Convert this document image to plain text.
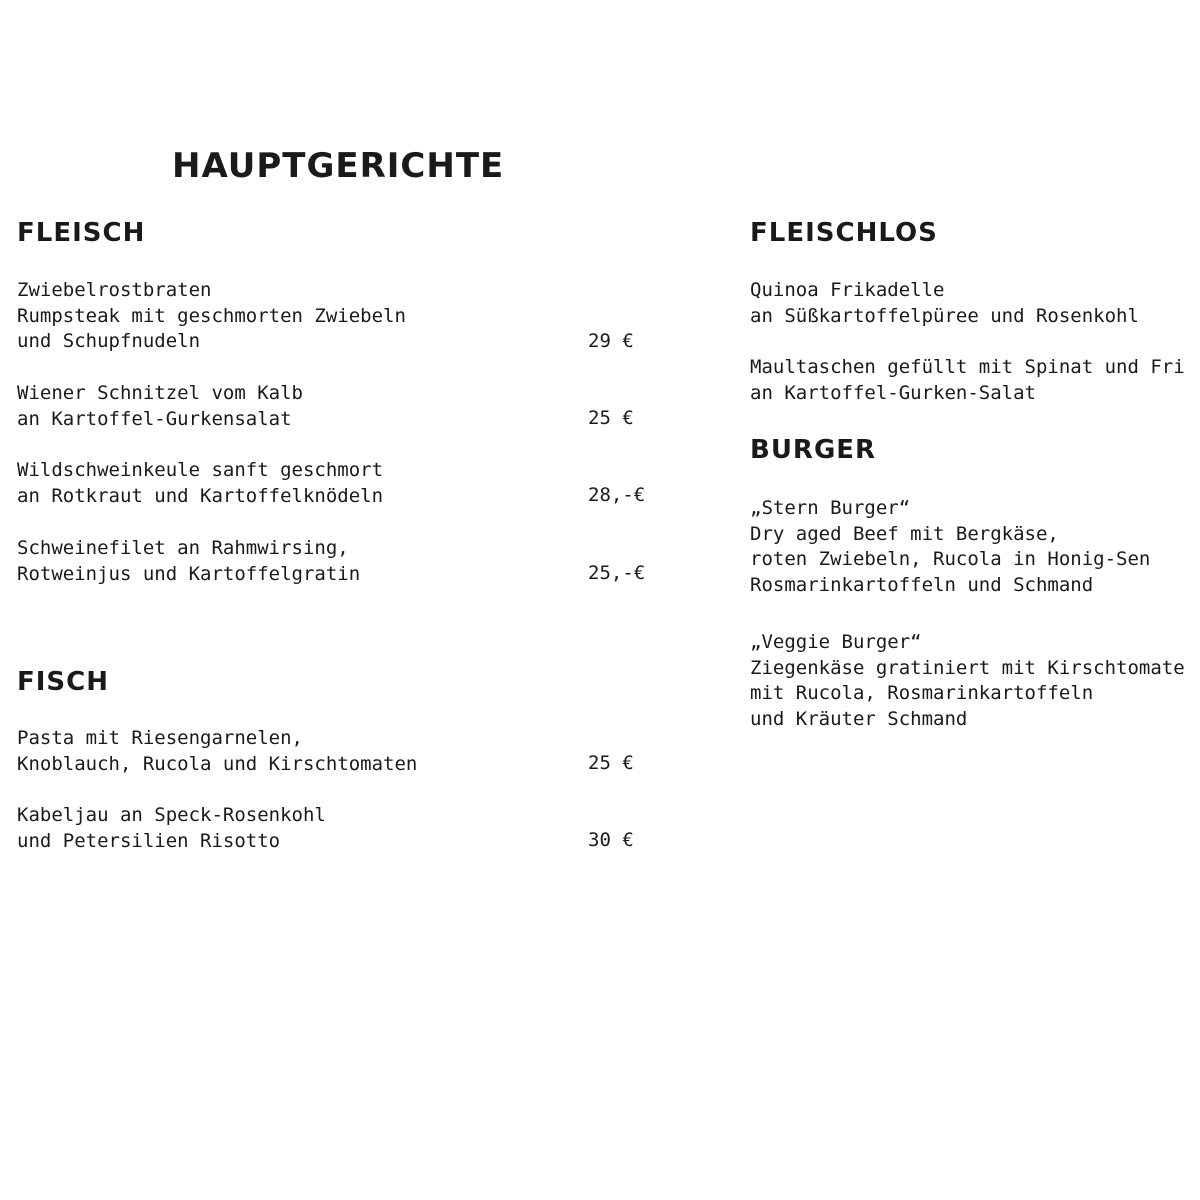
HAUPTGERICHTE
FLEISCH
Zwiebelrostbraten
Rumpsteak mit geschmorten Zwiebeln
und Schupfnudeln	29 €
Wiener Schnitzel vom Kalb
an Kartoffel-Gurkensalat	25 €
Wildschweinkeule sanft geschmort
an Rotkraut und Kartoffelknödeln	28,-€
Schweinefilet an Rahmwirsing,
Rotweinjus und Kartoffelgratin	25,-€
FISCH
Pasta mit Riesengarnelen,
Knoblauch, Rucola und Kirschtomaten	25 €
Kabeljau an Speck-Rosenkohl
und Petersilien Risotto	30 €
FLEISCHLOS
Quinoa Frikadelle
an Süßkartoffelpüree und Rosenkohl
Maultaschen gefüllt mit Spinat und Fri
an Kartoffel-Gurken-Salat
BURGER
„Stern Burger“
Dry aged Beef mit Bergkäse,
roten Zwiebeln, Rucola in Honig-Sen
Rosmarinkartoffeln und Schmand
„Veggie Burger“
Ziegenkäse gratiniert mit Kirschtomate
mit Rucola, Rosmarinkartoffeln
und Kräuter Schmand
